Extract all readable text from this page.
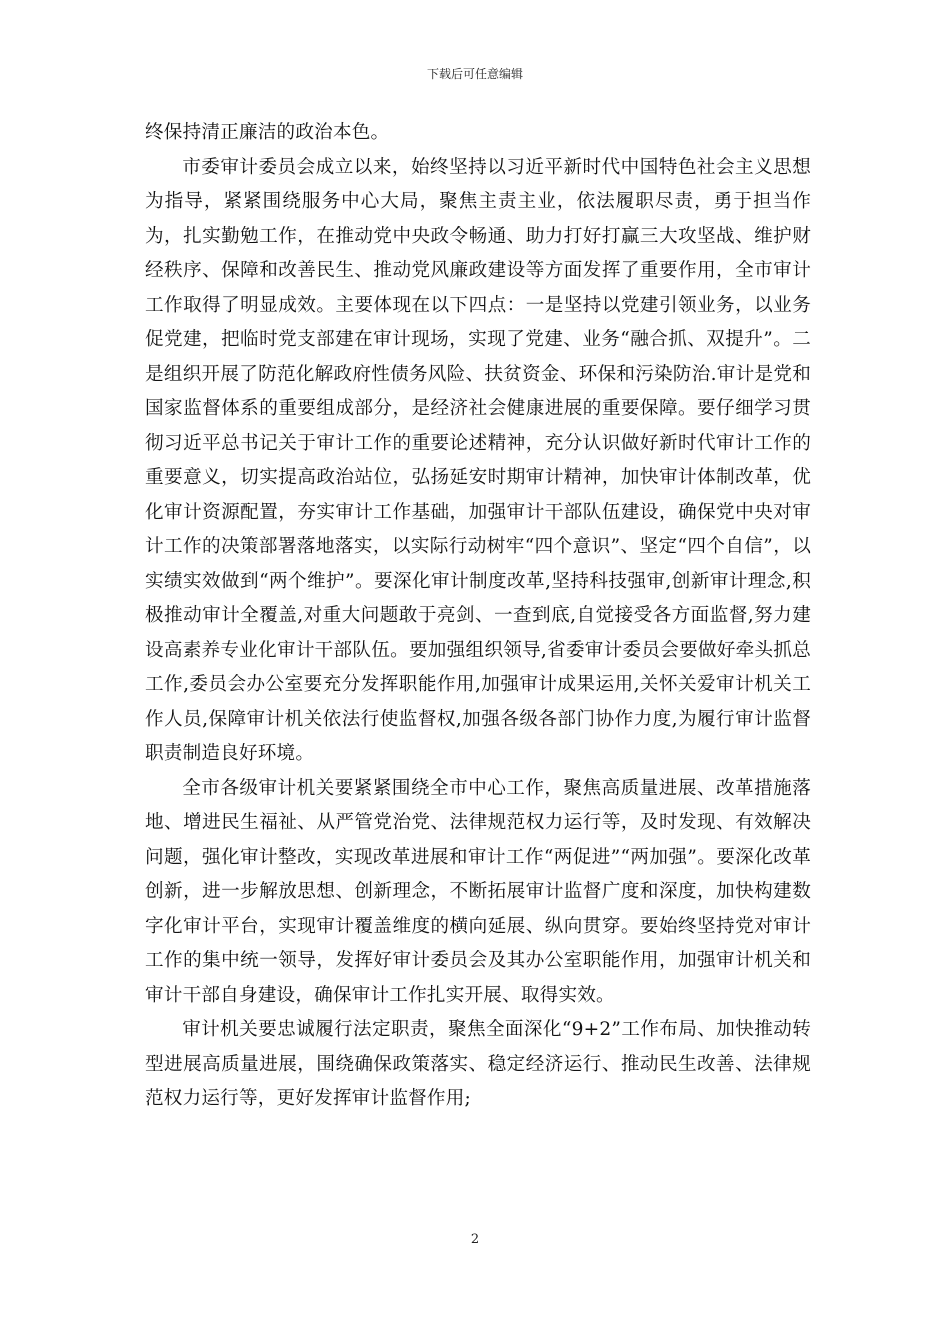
下载后可任意编辑

终保持清正廉洁的政治本色。

市委审计委员会成立以来，始终坚持以习近平新时代中国特色社会主义思想为指导，紧紧围绕服务中心大局，聚焦主责主业，依法履职尽责，勇于担当作为，扎实勤勉工作，在推动党中央政令畅通、助力打好打赢三大攻坚战、维护财经秩序、保障和改善民生、推动党风廉政建设等方面发挥了重要作用，全市审计工作取得了明显成效。主要体现在以下四点：一是坚持以党建引领业务，以业务促党建，把临时党支部建在审计现场，实现了党建、业务“融合抓、双提升”。二是组织开展了防范化解政府性债务风险、扶贫资金、环保和污染防治.审计是党和国家监督体系的重要组成部分，是经济社会健康进展的重要保障。要仔细学习贯彻习近平总书记关于审计工作的重要论述精神，充分认识做好新时代审计工作的重要意义，切实提高政治站位，弘扬延安时期审计精神，加快审计体制改革，优化审计资源配置，夯实审计工作基础，加强审计干部队伍建设，确保党中央对审计工作的决策部署落地落实，以实际行动树牢“四个意识”、坚定“四个自信”，以实绩实效做到“两个维护”。要深化审计制度改革,坚持科技强审,创新审计理念,积极推动审计全覆盖,对重大问题敢于亮剑、一查到底,自觉接受各方面监督,努力建设高素养专业化审计干部队伍。要加强组织领导,省委审计委员会要做好牵头抓总工作,委员会办公室要充分发挥职能作用,加强审计成果运用,关怀关爱审计机关工作人员,保障审计机关依法行使监督权,加强各级各部门协作力度,为履行审计监督职责制造良好环境。

全市各级审计机关要紧紧围绕全市中心工作，聚焦高质量进展、改革措施落地、增进民生福祉、从严管党治党、法律规范权力运行等，及时发现、有效解决问题，强化审计整改，实现改革进展和审计工作“两促进”“两加强”。要深化改革创新，进一步解放思想、创新理念，不断拓展审计监督广度和深度，加快构建数字化审计平台，实现审计覆盖维度的横向延展、纵向贯穿。要始终坚持党对审计工作的集中统一领导，发挥好审计委员会及其办公室职能作用，加强审计机关和审计干部自身建设，确保审计工作扎实开展、取得实效。

审计机关要忠诚履行法定职责，聚焦全面深化“9+2”工作布局、加快推动转型进展高质量进展，围绕确保政策落实、稳定经济运行、推动民生改善、法律规范权力运行等，更好发挥审计监督作用;

2
